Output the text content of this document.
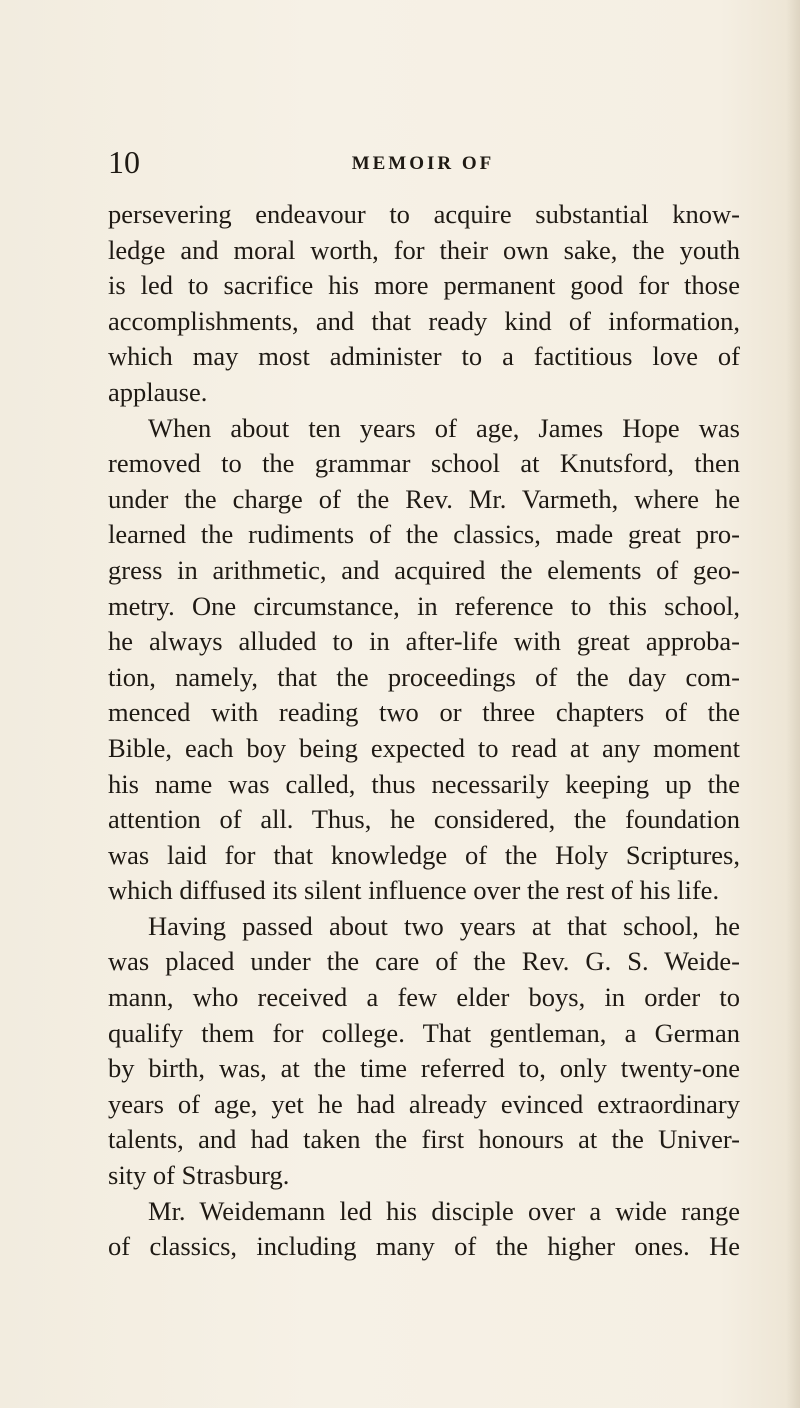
10	MEMOIR OF
persevering endeavour to acquire substantial know-
ledge and moral worth, for their own sake, the youth
is led to sacrifice his more permanent good for those
accomplishments, and that ready kind of information,
which may most administer to a factitious love of
applause.
When about ten years of age, James Hope was
removed to the grammar school at Knutsford, then
under the charge of the Rev. Mr. Varmeth, where he
learned the rudiments of the classics, made great pro-
gress in arithmetic, and acquired the elements of geo-
metry. One circumstance, in reference to this school,
he always alluded to in after-life with great approba-
tion, namely, that the proceedings of the day com-
menced with reading two or three chapters of the
Bible, each boy being expected to read at any moment
his name was called, thus necessarily keeping up the
attention of all. Thus, he considered, the foundation
was laid for that knowledge of the Holy Scriptures,
which diffused its silent influence over the rest of his life.
Having passed about two years at that school, he
was placed under the care of the Rev. G. S. Weide-
mann, who received a few elder boys, in order to
qualify them for college. That gentleman, a German
by birth, was, at the time referred to, only twenty-one
years of age, yet he had already evinced extraordinary
talents, and had taken the first honours at the Univer-
sity of Strasburg.
Mr. Weidemann led his disciple over a wide range
of classics, including many of the higher ones. He
